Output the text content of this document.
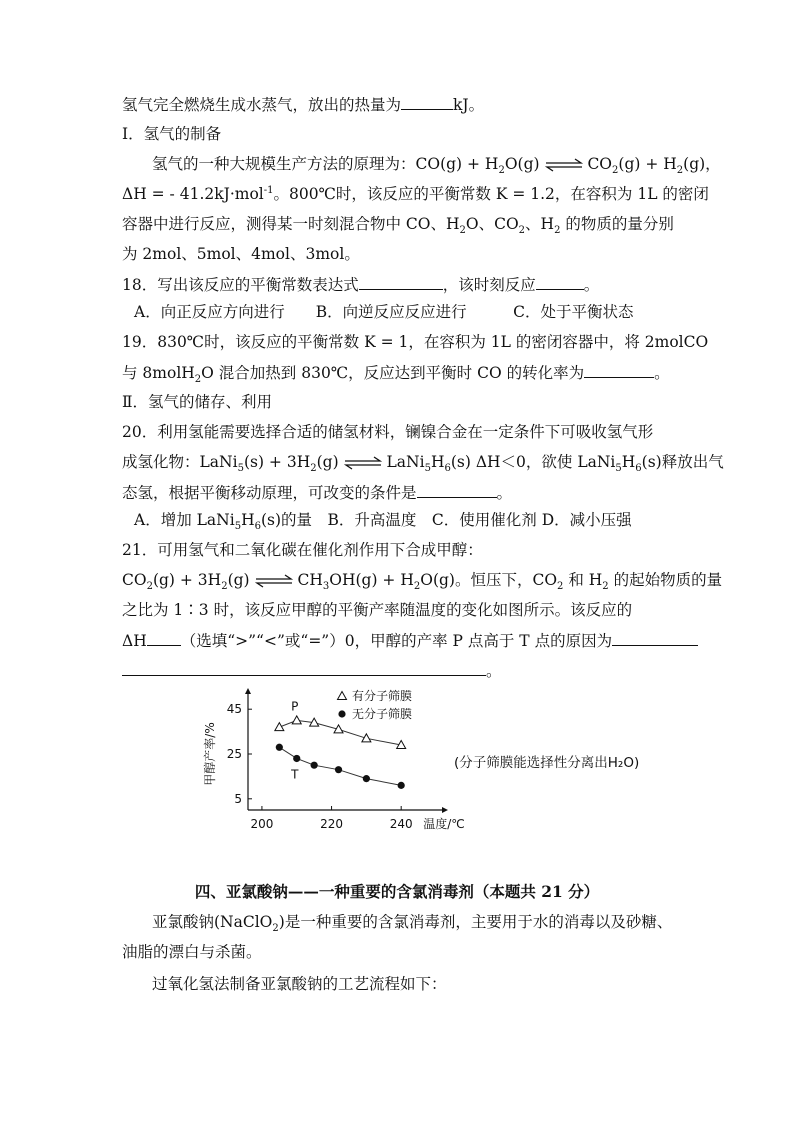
氢气完全燃烧生成水蒸气，放出的热量为	kJ。
Ⅰ．氢气的制备
氢气的一种大规模生产方法的原理为：$CO(g) + H_2O(g)$ ⇌ $CO_2(g) + H_2(g)$，
ΔH = - 41.2kJ·mol$^{-1}$。800℃时，该反应的平衡常数 K = 1.2，在容积为 1L 的密闭
容器中进行反应，测得某一时刻混合物中 CO、$H_2O$、$CO_2$、$H_2$ 的物质的量分别
为 2mol、5mol、4mol、3mol。
18．写出该反应的平衡常数表达式	，该时刻反应	。
A．向正反应方向进行　　B．向逆反应反应进行　　　C．处于平衡状态
19．830℃时，该反应的平衡常数 K = 1，在容积为 1L 的密闭容器中，将 2molCO
与 8molH$_2$O 混合加热到 830℃，反应达到平衡时 CO 的转化率为	。
Ⅱ．氢气的储存、利用
20．利用氢能需要选择合适的储氢材料，镧镍合金在一定条件下可吸收氢气形
成氢化物：LaNi$_5$(s) + $3H_2(g)$ ⇌ $LaNi_5H_6(s)$ ΔH＜0，欲使 $LaNi_5H_6(s)$释放出气
态氢，根据平衡移动原理，可改变的条件是	。
A．增加 $LaNi_5H_6(s)$的量　B．升高温度　C．使用催化剂 D．减小压强
21．可用氢气和二氧化碳在催化剂作用下合成甲醇：
$CO_2(g) + 3H_2(g)$ ⇌ $CH_3OH(g) + H_2O(g)$。恒压下，$CO_2$ 和 $H_2$ 的起始物质的量
之比为 1∶3 时，该反应甲醇的平衡产率随温度的变化如图所示。该反应的
ΔH （选填“>”“<”或“=”）0，甲醇的产率 P 点高于 T 点的原因为
。
200	220	240
5
25
45
温度/℃
甲醇产率/%
有分子筛膜
无分子筛膜
P
T
(分子筛膜能选择性分离出H₂O)
四、亚氯酸钠——一种重要的含氯消毒剂（本题共 21 分）
亚氯酸钠(NaClO$_2$)是一种重要的含氯消毒剂，主要用于水的消毒以及砂糖、
油脂的漂白与杀菌。
过氧化氢法制备亚氯酸钠的工艺流程如下：
